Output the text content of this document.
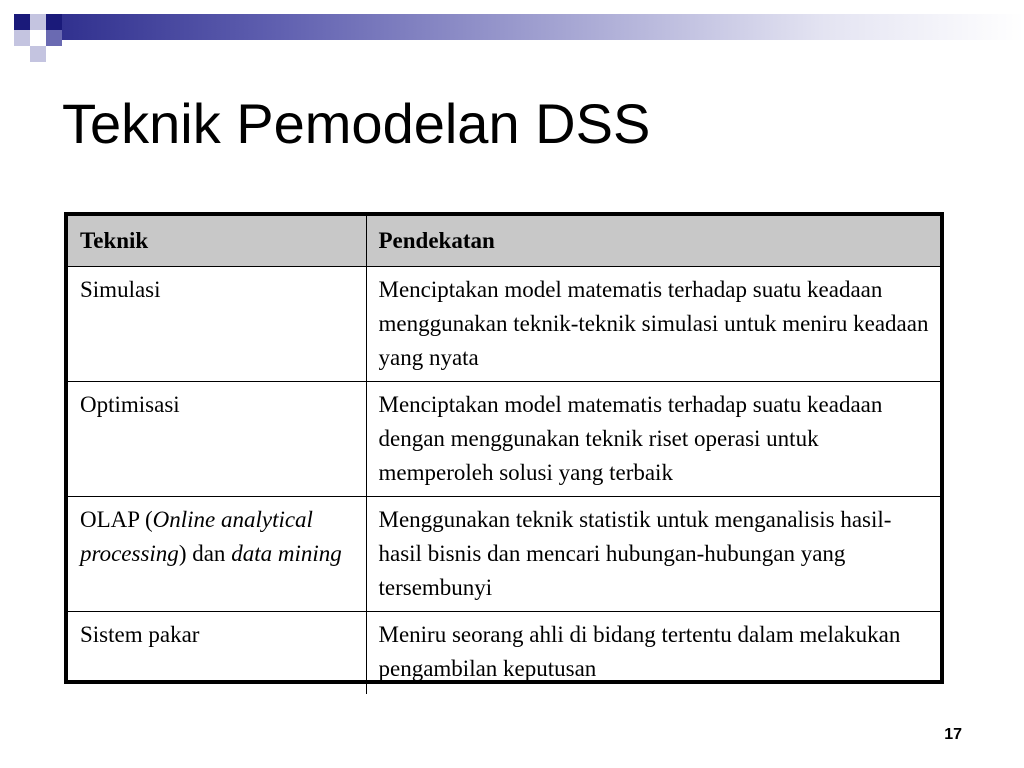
Teknik Pemodelan DSS
Teknik	Pendekatan
Simulasi	Menciptakan model matematis terhadap suatu keadaan menggunakan teknik-teknik simulasi untuk meniru keadaan yang nyata
Optimisasi	Menciptakan model matematis terhadap suatu keadaan dengan menggunakan teknik riset operasi untuk memperoleh solusi yang terbaik
OLAP (Online analytical processing) dan data mining	Menggunakan teknik statistik untuk menganalisis hasil-hasil bisnis dan mencari hubungan-hubungan yang tersembunyi
Sistem pakar	Meniru seorang ahli di bidang tertentu dalam melakukan pengambilan keputusan
17
